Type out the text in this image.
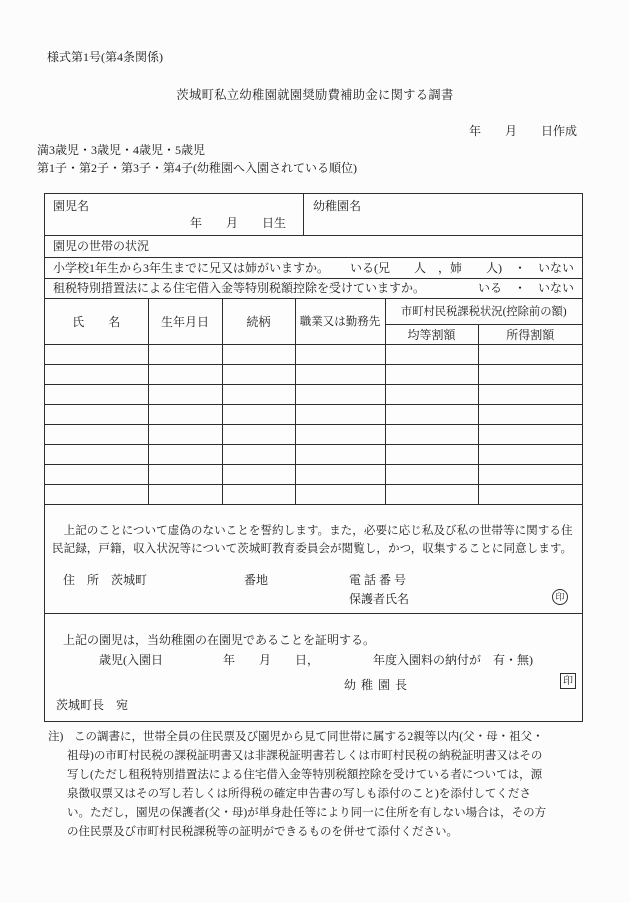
様式第1号(第4条関係)
茨城町私立幼稚園就園奨励費補助金に関する調書
年　　月　　日作成
満3歳児・3歳児・4歳児・5歳児
第1子・第2子・第3子・第4子(幼稚園へ入園されている順位)
園児名
年　　月　　日生
幼稚園名
園児の世帯の状況
小学校1年生から3年生までに兄又は姉がいますか。 いる(兄　　人　，姉　　人)　・　いない
租税特別措置法による住宅借入金等特別税額控除を受けていますか。	いる　・　いない
氏　　名	生年月日	続柄	職業又は勤務先	市町村民税課税状況(控除前の額)	
				均等割額	所得割額

　上記のことについて虚偽のないことを誓約します。また，必要に応じ私及び私の世帯等に関する住
民記録，戸籍，収入状況等について茨城町教育委員会が閲覧し，かつ，収集することに同意します。
住　所　茨城町	番地	電 話 番 号
保護者氏名	印
上記の園児は，当幼稚園の在園児であることを証明する。
歳児(入園日　　　　　年　　月　　日，　　　　　年度入園料の納付が　有・無)
幼 稚 園 長	印
茨城町長　宛
注) この調書に，世帯全員の住民票及び園児から見て同世帯に属する2親等以内(父・母・祖父・
祖母)の市町村民税の課税証明書又は非課税証明書若しくは市町村民税の納税証明書又はその
写し(ただし租税特別措置法による住宅借入金等特別税額控除を受けている者については，源
泉徴収票又はその写し若しくは所得税の確定申告書の写しも添付のこと)を添付してくださ
い。ただし，園児の保護者(父・母)が単身赴任等により同一に住所を有しない場合は，その方
の住民票及び市町村民税課税等の証明ができるものを併せて添付ください。
